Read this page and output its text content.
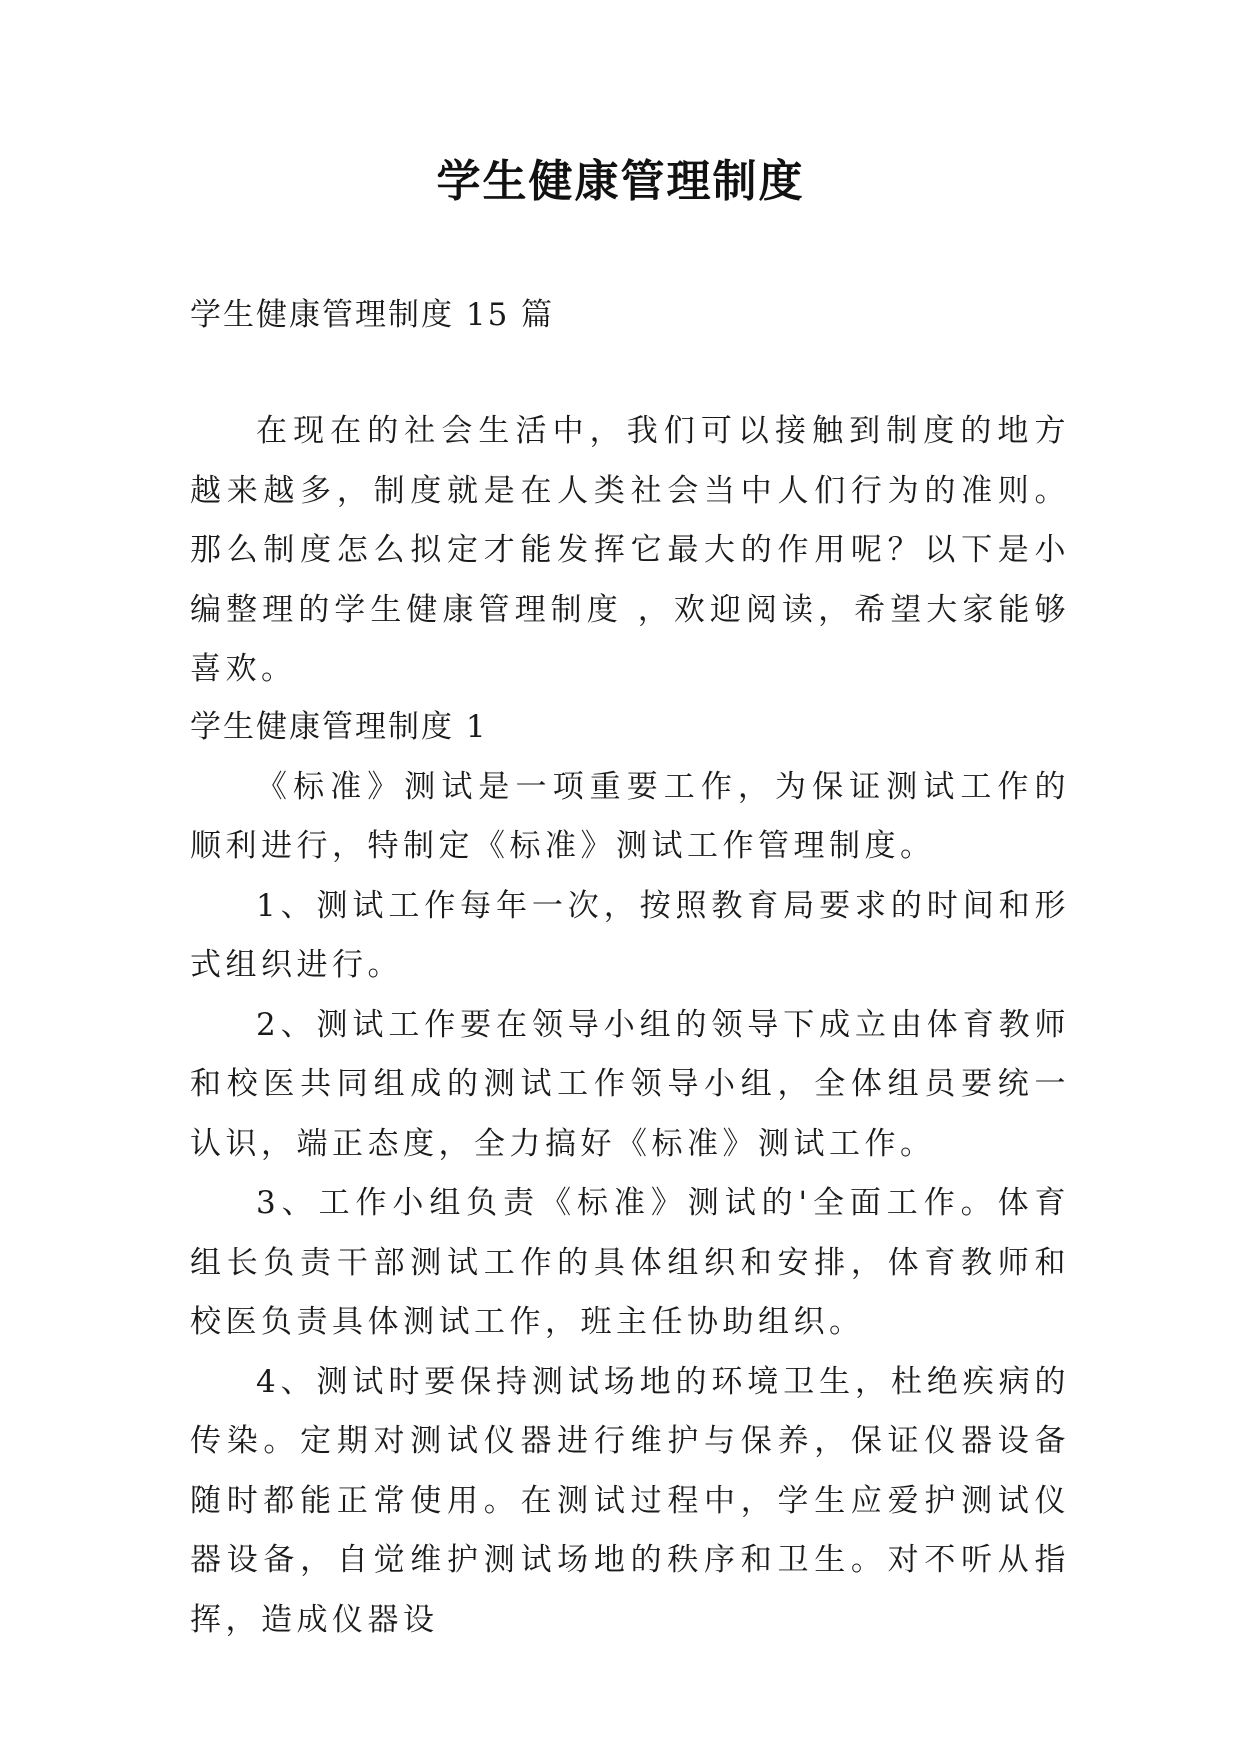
学生健康管理制度
学生健康管理制度 15 篇

在现在的社会生活中，我们可以接触到制度的地方越来越多，制度就是在人类社会当中人们行为的准则。那么制度怎么拟定才能发挥它最大的作用呢？以下是小编整理的学生健康管理制度 ，欢迎阅读，希望大家能够喜欢。

学生健康管理制度 1

《标准》测试是一项重要工作，为保证测试工作的顺利进行，特制定《标准》测试工作管理制度。

1、测试工作每年一次，按照教育局要求的时间和形式组织进行。

2、测试工作要在领导小组的领导下成立由体育教师和校医共同组成的测试工作领导小组，全体组员要统一认识，端正态度，全力搞好《标准》测试工作。

3、工作小组负责《标准》测试的'全面工作。体育组长负责干部测试工作的具体组织和安排，体育教师和校医负责具体测试工作，班主任协助组织。

4、测试时要保持测试场地的环境卫生，杜绝疾病的传染。定期对测试仪器进行维护与保养，保证仪器设备随时都能正常使用。在测试过程中，学生应爱护测试仪器设备，自觉维护测试场地的秩序和卫生。对不听从指挥，造成仪器设
